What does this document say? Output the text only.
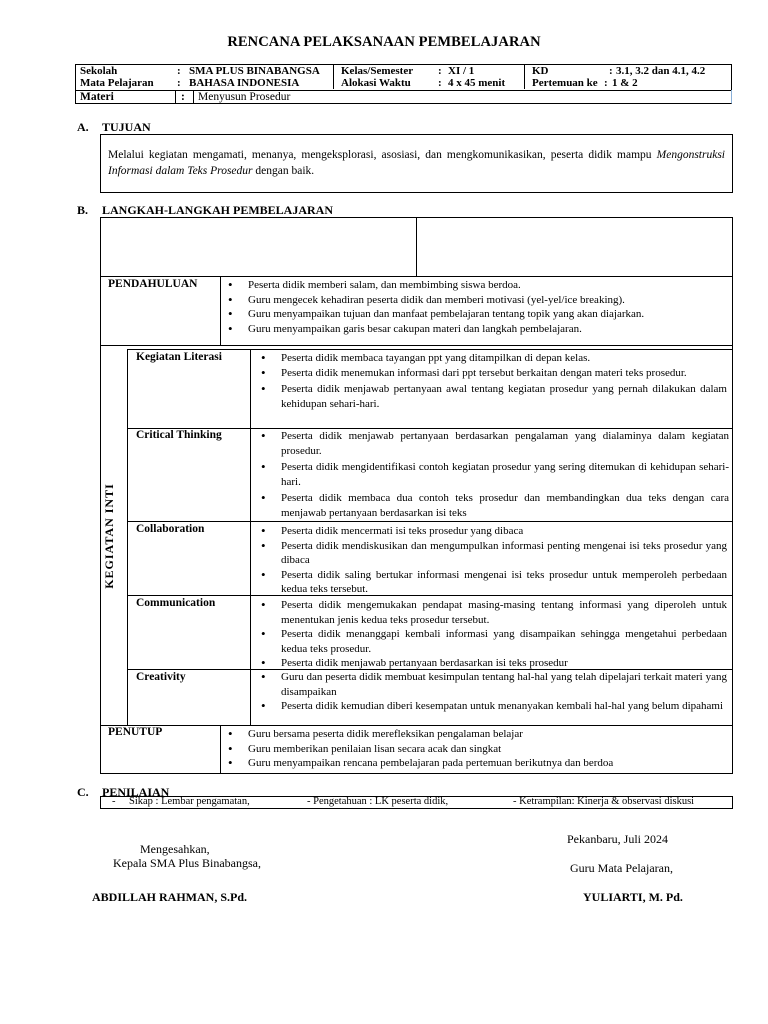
RENCANA PELAKSANAAN PEMBELAJARAN
Sekolah	: SMA PLUS BINABANGSA
Mata Pelajaran : BAHASA INDONESIA
Kelas/Semester : XI / 1
Alokasi Waktu : 4 x 45 menit
KD	: 3.1, 3.2 dan 4.1, 4.2
Pertemuan ke : 1 & 2
Materi	: Menyusun Prosedur
A. TUJUAN
Melalui kegiatan mengamati, menanya, mengeksplorasi, asosiasi, dan mengkomunikasikan, peserta didik mampu Mengonstruksi Informasi dalam Teks Prosedur dengan baik.
B. LANGKAH-LANGKAH PEMBELAJARAN
PENDAHULUAN	• Peserta didik memberi salam, dan membimbing siswa berdoa.
• Guru mengecek kehadiran peserta didik dan memberi motivasi (yel-yel/ice breaking).
• Guru menyampaikan tujuan dan manfaat pembelajaran tentang topik yang akan diajarkan.
• Guru menyampaikan garis besar cakupan materi dan langkah pembelajaran.
KEGIATAN INTI
Kegiatan Literasi	• Peserta didik membaca tayangan ppt yang ditampilkan di depan kelas.
• Peserta didik menemukan informasi dari ppt tersebut berkaitan dengan materi teks prosedur.
• Peserta didik menjawab pertanyaan awal tentang kegiatan prosedur yang pernah dilakukan dalam kehidupan sehari-hari.
Critical Thinking	• Peserta didik menjawab pertanyaan berdasarkan pengalaman yang dialaminya dalam kegiatan prosedur.
• Peserta didik mengidentifikasi contoh kegiatan prosedur yang sering ditemukan di kehidupan sehari-hari.
• Peserta didik membaca dua contoh teks prosedur dan membandingkan dua teks dengan cara menjawab pertanyaan berdasarkan isi teks
Collaboration	• Peserta didik mencermati isi teks prosedur yang dibaca
• Peserta didik mendiskusikan dan mengumpulkan informasi penting mengenai isi teks prosedur yang dibaca
• Peserta didik saling bertukar informasi mengenai isi teks prosedur untuk memperoleh perbedaan kedua teks tersebut.
Communication	• Peserta didik mengemukakan pendapat masing-masing tentang informasi yang diperoleh untuk menentukan jenis kedua teks prosedur tersebut.
• Peserta didik menanggapi kembali informasi yang disampaikan sehingga mengetahui perbedaan kedua teks prosedur.
• Peserta didik menjawab pertanyaan berdasarkan isi teks prosedur
Creativity	• Guru dan peserta didik membuat kesimpulan tentang hal-hal yang telah dipelajari terkait materi yang disampaikan
• Peserta didik kemudian diberi kesempatan untuk menanyakan kembali hal-hal yang belum dipahami
PENUTUP	• Guru bersama peserta didik merefleksikan pengalaman belajar
• Guru memberikan penilaian lisan secara acak dan singkat
• Guru menyampaikan rencana pembelajaran pada pertemuan berikutnya dan berdoa
C. PENILAIAN
- Sikap : Lembar pengamatan,	- Pengetahuan : LK peserta didik,	- Ketrampilan: Kinerja & observasi diskusi
Mengesahkan,
Kepala SMA Plus Binabangsa,
ABDILLAH RAHMAN, S.Pd.
Pekanbaru, Juli 2024
Guru Mata Pelajaran,
YULIARTI, M. Pd.
